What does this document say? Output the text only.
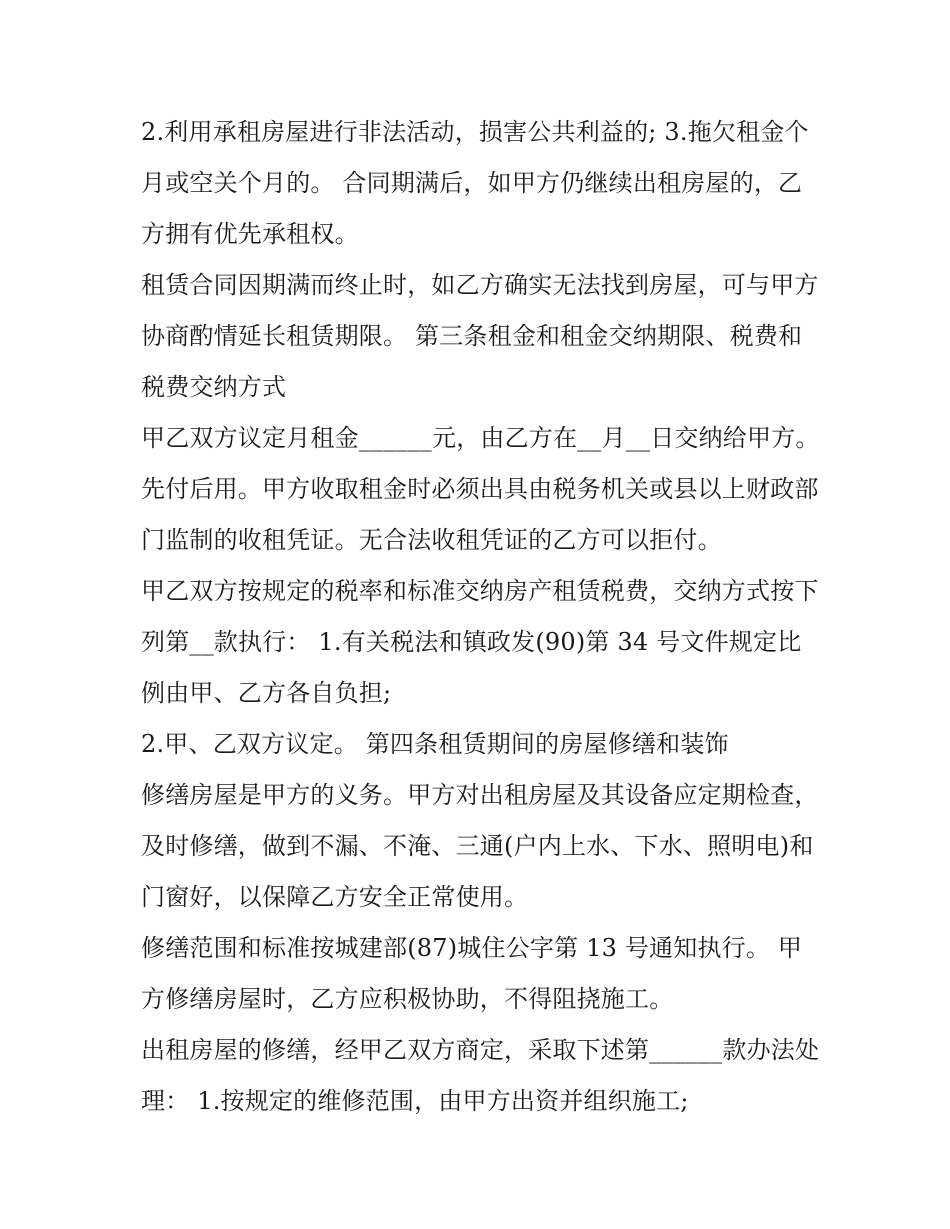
2.利用承租房屋进行非法活动，损害公共利益的; 3.拖欠租金个月或空关个月的。 合同期满后，如甲方仍继续出租房屋的，乙方拥有优先承租权。

租赁合同因期满而终止时，如乙方确实无法找到房屋，可与甲方协商酌情延长租赁期限。 第三条租金和租金交纳期限、税费和税费交纳方式

甲乙双方议定月租金______元，由乙方在__月__日交纳给甲方。先付后用。甲方收取租金时必须出具由税务机关或县以上财政部门监制的收租凭证。无合法收租凭证的乙方可以拒付。

甲乙双方按规定的税率和标准交纳房产租赁税费，交纳方式按下列第__款执行： 1.有关税法和镇政发(90)第 34 号文件规定比例由甲、乙方各自负担;

2.甲、乙双方议定。 第四条租赁期间的房屋修缮和装饰

修缮房屋是甲方的义务。甲方对出租房屋及其设备应定期检查，及时修缮，做到不漏、不淹、三通(户内上水、下水、照明电)和门窗好，以保障乙方安全正常使用。

修缮范围和标准按城建部(87)城住公字第 13 号通知执行。 甲方修缮房屋时，乙方应积极协助，不得阻挠施工。

出租房屋的修缮，经甲乙双方商定，采取下述第______款办法处理： 1.按规定的维修范围，由甲方出资并组织施工;
